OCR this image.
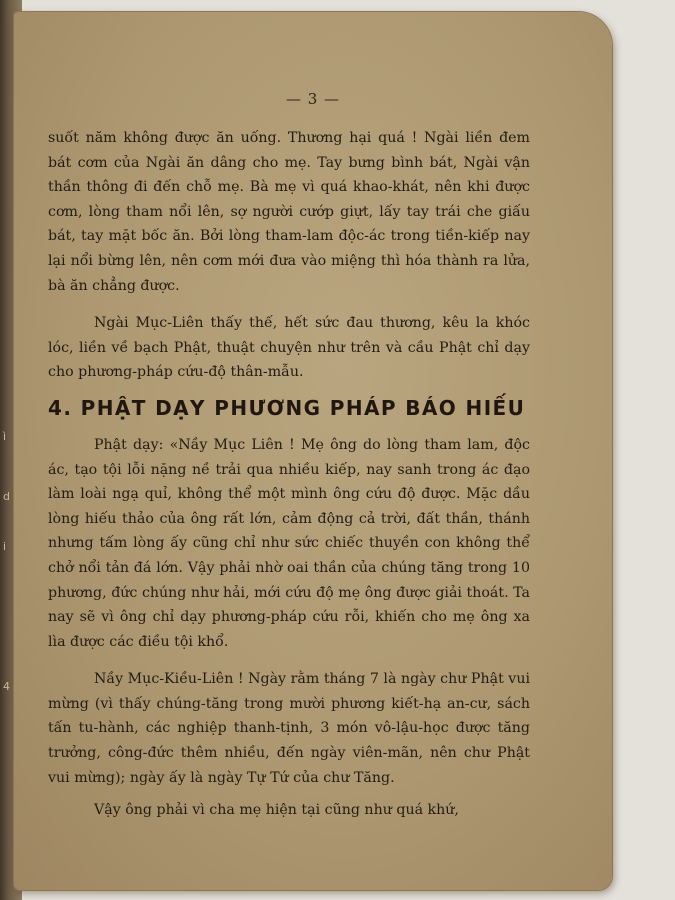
ì
d
i
4
— 3 —

suốt năm không được ăn uống. Thương hại quá ! Ngài liền đem bát cơm của Ngài ăn dâng cho mẹ. Tay bưng bình bát, Ngài vận thần thông đi đến chỗ mẹ. Bà mẹ vì quá khao-khát, nên khi được cơm, lòng tham nổi lên, sợ người cướp giựt, lấy tay trái che giấu bát, tay mặt bốc ăn. Bởi lòng tham-lam độc-ác trong tiền-kiếp nay lại nổi bừng lên, nên cơm mới đưa vào miệng thì hóa thành ra lửa, bà ăn chẳng được.

Ngài Mục-Liên thấy thế, hết sức đau thương, kêu la khóc lóc, liền về bạch Phật, thuật chuyện như trên và cầu Phật chỉ dạy cho phương-pháp cứu-độ thân-mẫu.

4. PHẬT DẠY PHƯƠNG PHÁP BÁO HIẾU

Phật dạy: «Nầy Mục Liên ! Mẹ ông do lòng tham lam, độc ác, tạo tội lỗi nặng nề trải qua nhiều kiếp, nay sanh trong ác đạo làm loài ngạ quỉ, không thể một mình ông cứu độ được. Mặc dầu lòng hiếu thảo của ông rất lớn, cảm động cả trời, đất thần, thánh nhưng tấm lòng ấy cũng chỉ như sức chiếc thuyền con không thể chở nổi tản đá lớn. Vậy phải nhờ oai thần của chúng tăng trong 10 phương, đức chúng như hải, mới cứu độ mẹ ông được giải thoát. Ta nay sẽ vì ông chỉ dạy phương-pháp cứu rỗi, khiến cho mẹ ông xa lìa được các điều tội khổ.

Nầy Mục-Kiều-Liên ! Ngày rằm tháng 7 là ngày chư Phật vui mừng (vì thấy chúng-tăng trong mười phương kiết-hạ an-cư, sách tấn tu-hành, các nghiệp thanh-tịnh, 3 món vô-lậu-học được tăng trưởng, công-đức thêm nhiều, đến ngày viên-mãn, nên chư Phật vui mừng); ngày ấy là ngày Tự Tứ của chư Tăng.

Vậy ông phải vì cha mẹ hiện tại cũng như quá khứ,
